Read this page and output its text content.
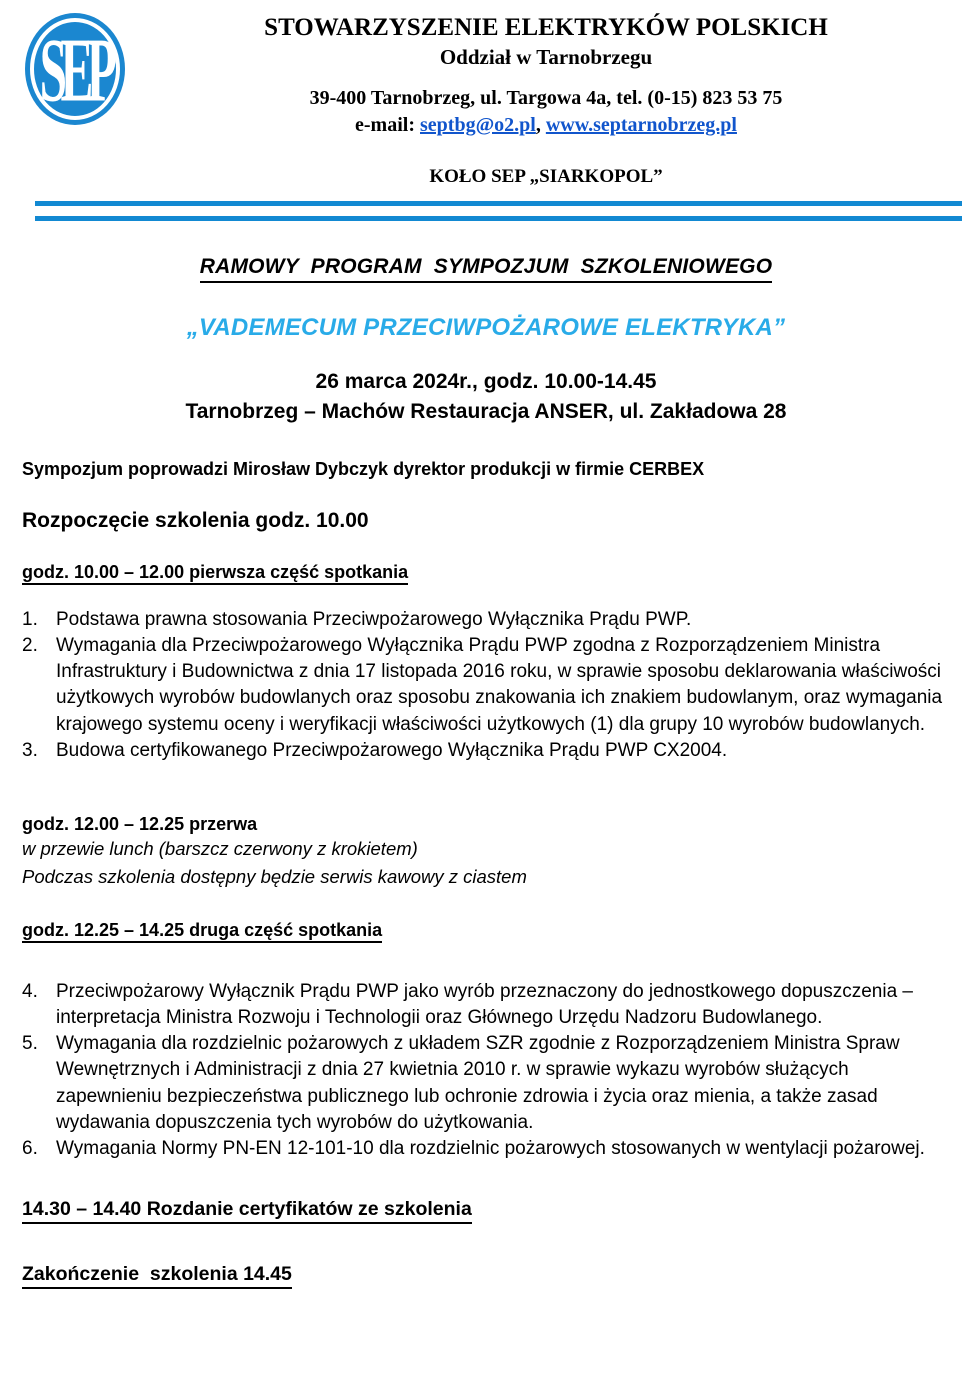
SEP	STOWARZYSZENIE ELEKTRYKÓW POLSKICH
Oddział w Tarnobrzegu
39-400 Tarnobrzeg, ul. Targowa 4a, tel. (0-15) 823 53 75
e-mail: septbg@o2.pl, www.septarnobrzeg.pl
KOŁO SEP „SIARKOPOL”
RAMOWY  PROGRAM  SYMPOZJUM  SZKOLENIOWEGO
„VADEMECUM PRZECIWPOŻAROWE ELEKTRYKA”
26 marca 2024r., godz. 10.00-14.45
Tarnobrzeg – Machów Restauracja ANSER, ul. Zakładowa 28
Sympozjum poprowadzi Mirosław Dybczyk dyrektor produkcji w firmie CERBEX
Rozpoczęcie szkolenia godz. 10.00
godz. 10.00 – 12.00 pierwsza część spotkania
1. Podstawa prawna stosowania Przeciwpożarowego Wyłącznika Prądu PWP.
2. Wymagania dla Przeciwpożarowego Wyłącznika Prądu PWP zgodna z Rozporządzeniem Ministra Infrastruktury i Budownictwa z dnia 17 listopada 2016 roku, w sprawie sposobu deklarowania właściwości użytkowych wyrobów budowlanych oraz sposobu znakowania ich znakiem budowlanym, oraz wymagania krajowego systemu oceny i weryfikacji właściwości użytkowych (1) dla grupy 10 wyrobów budowlanych.
3. Budowa certyfikowanego Przeciwpożarowego Wyłącznika Prądu PWP CX2004.
godz. 12.00 – 12.25 przerwa
w przewie lunch (barszcz czerwony z krokietem)
Podczas szkolenia dostępny będzie serwis kawowy z ciastem
godz. 12.25 – 14.25 druga część spotkania
4. Przeciwpożarowy Wyłącznik Prądu PWP jako wyrób przeznaczony do jednostkowego dopuszczenia – interpretacja Ministra Rozwoju i Technologii oraz Głównego Urzędu Nadzoru Budowlanego.
5. Wymagania dla rozdzielnic pożarowych z układem SZR zgodnie z Rozporządzeniem Ministra Spraw Wewnętrznych i Administracji z dnia 27 kwietnia 2010 r. w sprawie wykazu wyrobów służących zapewnieniu bezpieczeństwa publicznego lub ochronie zdrowia i życia oraz mienia, a także zasad wydawania dopuszczenia tych wyrobów do użytkowania.
6. Wymagania Normy PN-EN 12-101-10 dla rozdzielnic pożarowych stosowanych w wentylacji pożarowej.
14.30 – 14.40 Rozdanie certyfikatów ze szkolenia
Zakończenie  szkolenia 14.45
